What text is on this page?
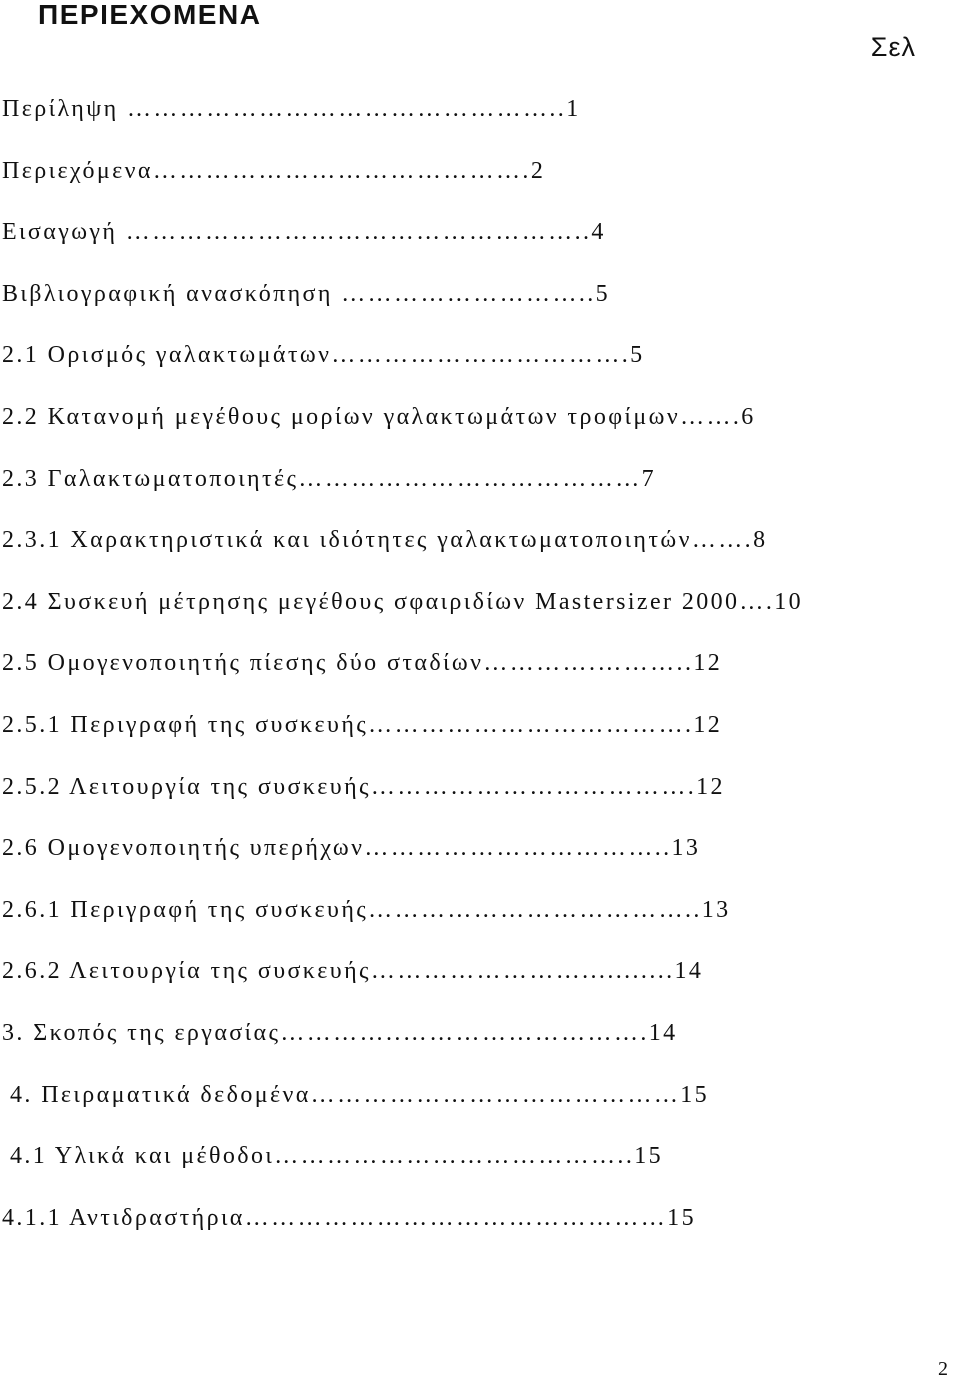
ΠΕΡΙΕΧΟΜΕΝΑ
Σελ
Περίληψη …………………………………………..1
Περιεχόμενα…………………………………….2
Εισαγωγή ……………………………………………..4
Βιβλιογραφική ανασκόπηση ………………………..5
2.1 Ορισμός γαλακτωμάτων…………………………….5
2.2 Κατανομή μεγέθους μορίων γαλακτωμάτων τροφίμων…….6
2.3 Γαλακτωματοποιητές…………………………………7
2.3.1 Χαρακτηριστικά και ιδιότητες γαλακτωματοποιητών…….8
2.4 Συσκευή μέτρησης μεγέθους σφαιριδίων Mastersizer 2000….10
2.5 Ομογενοποιητής πίεσης δύο σταδίων………….………..12
2.5.1 Περιγραφή της συσκευής……………………………….12
2.5.2 Λειτουργία της συσκευής……………………………….12
2.6 Ομογενοποιητής υπερήχων……………………………..13
2.6.1 Περιγραφή της συσκευής………………………………..13
2.6.2 Λειτουργία της συσκευής……………………...........14
3. Σκοπός της εργασίας…………..……………………….14
4. Πειραματικά δεδομένα……………………………………15
4.1 Υλικά και μέθοδοι…………………………………..15
4.1.1 Αντιδραστήρια…………………………………………15
2
